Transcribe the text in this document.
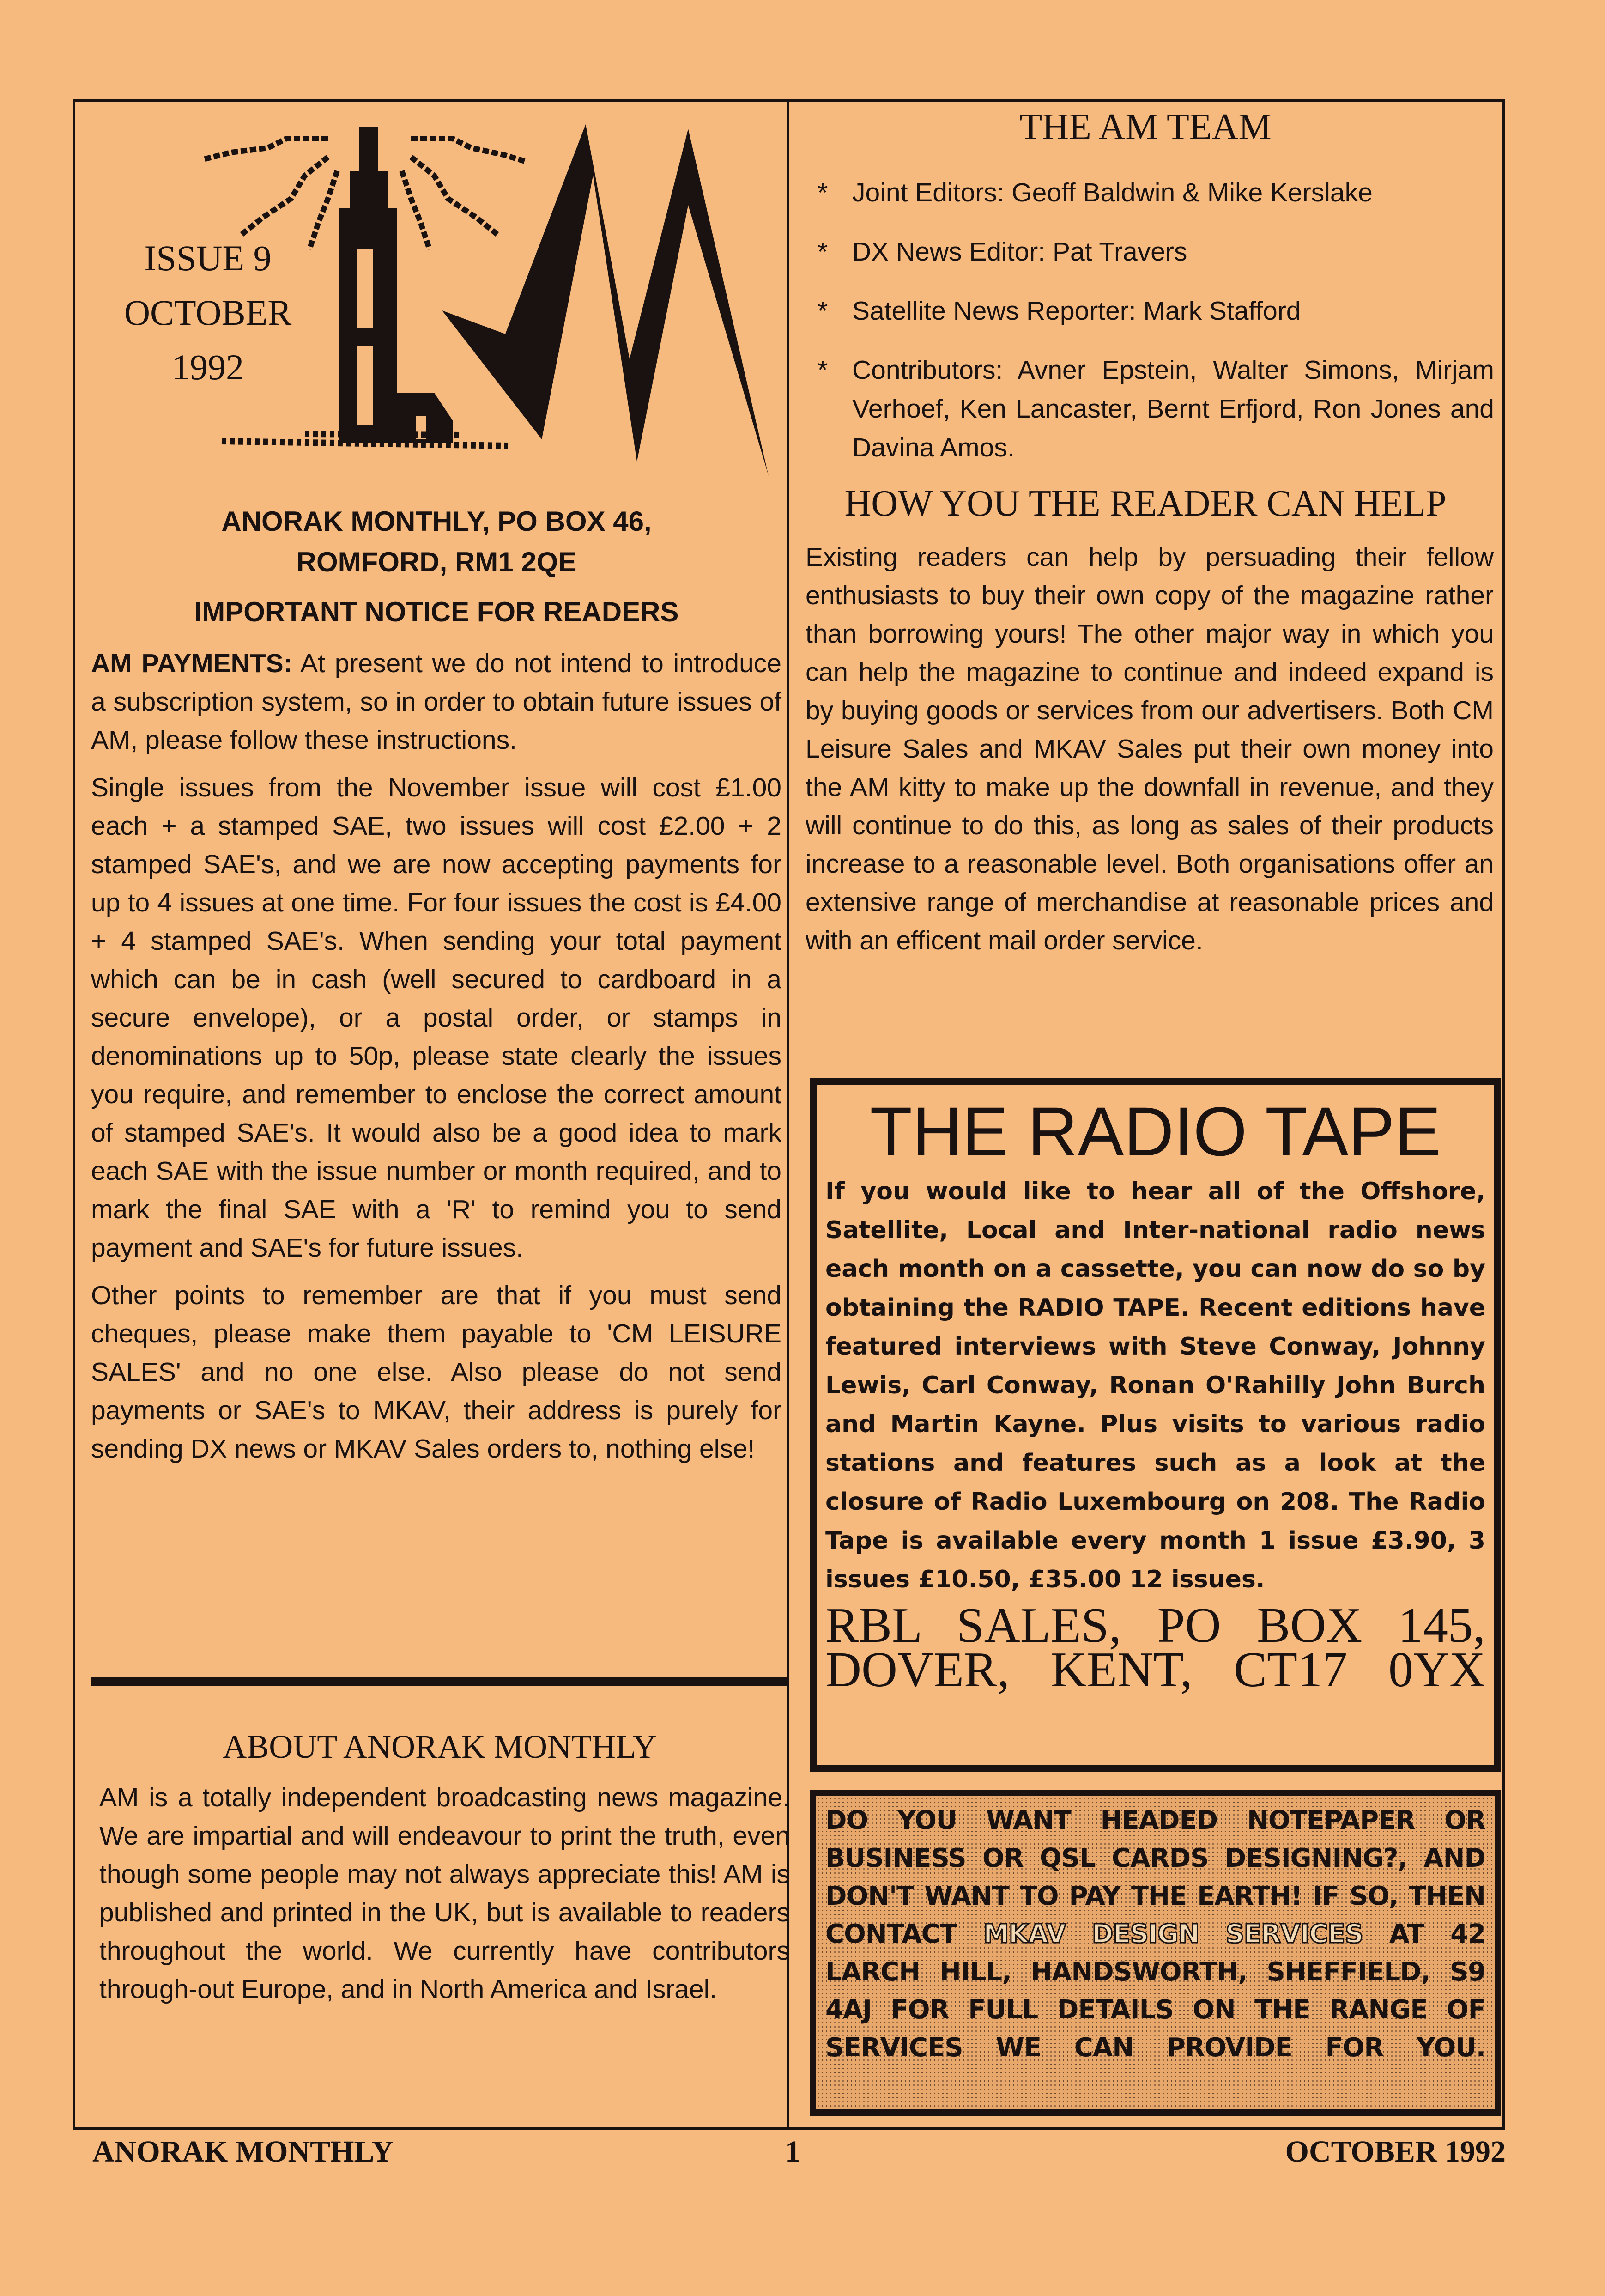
ISSUE 9
OCTOBER
1992
ANORAK MONTHLY, PO BOX 46,
ROMFORD, RM1 2QE
IMPORTANT NOTICE FOR READERS

AM PAYMENTS: At present we do not intend to introduce a subscription system, so in order to obtain future issues of AM, please follow these instructions.

Single issues from the November issue will cost £1.00 each + a stamped SAE, two issues will cost £2.00 + 2 stamped SAE's, and we are now accepting payments for up to 4 issues at one time. For four issues the cost is £4.00 + 4 stamped SAE's. When sending your total payment which can be in cash (well secured to cardboard in a secure envelope), or a postal order, or stamps in denominations up to 50p, please state clearly the issues you require, and remember to enclose the correct amount of stamped SAE's. It would also be a good idea to mark each SAE with the issue number or month required, and to mark the final SAE with a 'R' to remind you to send payment and SAE's for future issues.

Other points to remember are that if you must send cheques, please make them payable to 'CM LEISURE SALES' and no one else. Also please do not send payments or SAE's to MKAV, their address is purely for sending DX news or MKAV Sales orders to, nothing else!

ABOUT ANORAK MONTHLY

AM is a totally independent broadcasting news magazine. We are impartial and will endeavour to print the truth, even though some people may not always appreciate this! AM is published and printed in the UK, but is available to readers throughout the world. We currently have contributors through-out Europe, and in North America and Israel.

THE AM TEAM
* Joint Editors: Geoff Baldwin & Mike Kerslake
* DX News Editor: Pat Travers
* Satellite News Reporter: Mark Stafford
* Contributors: Avner Epstein, Walter Simons, Mirjam Verhoef, Ken Lancaster, Bernt Erfjord, Ron Jones and Davina Amos.
HOW YOU THE READER CAN HELP

Existing readers can help by persuading their fellow enthusiasts to buy their own copy of the magazine rather than borrowing yours! The other major way in which you can help the magazine to continue and indeed expand is by buying goods or services from our advertisers. Both CM Leisure Sales and MKAV Sales put their own money into the AM kitty to make up the downfall in revenue, and they will continue to do this, as long as sales of their products increase to a reasonable level. Both organisations offer an extensive range of merchandise at reasonable prices and with an efficent mail order service.

THE RADIO TAPE
If you would like to hear all of the Offshore, Satellite, Local and Inter-national radio news each month on a cassette, you can now do so by obtaining the RADIO TAPE. Recent editions have featured interviews with Steve Conway, Johnny Lewis, Carl Conway, Ronan O'Rahilly John Burch and Martin Kayne. Plus visits to various radio stations and features such as a look at the closure of Radio Luxembourg on 208. The Radio Tape is available every month 1 issue £3.90, 3 issues £10.50, £35.00 12 issues.
RBL SALES, PO BOX 145,
DOVER, KENT, CT17 0YX
DO YOU WANT HEADED NOTEPAPER OR BUSINESS OR QSL CARDS DESIGNING?, AND DON'T WANT TO PAY THE EARTH! IF SO, THEN CONTACT MKAV DESIGN SERVICES AT 42 LARCH HILL, HANDSWORTH, SHEFFIELD, S9 4AJ FOR FULL DETAILS ON THE RANGE OF SERVICES WE CAN PROVIDE FOR YOU.
ANORAK MONTHLY	1	OCTOBER 1992
